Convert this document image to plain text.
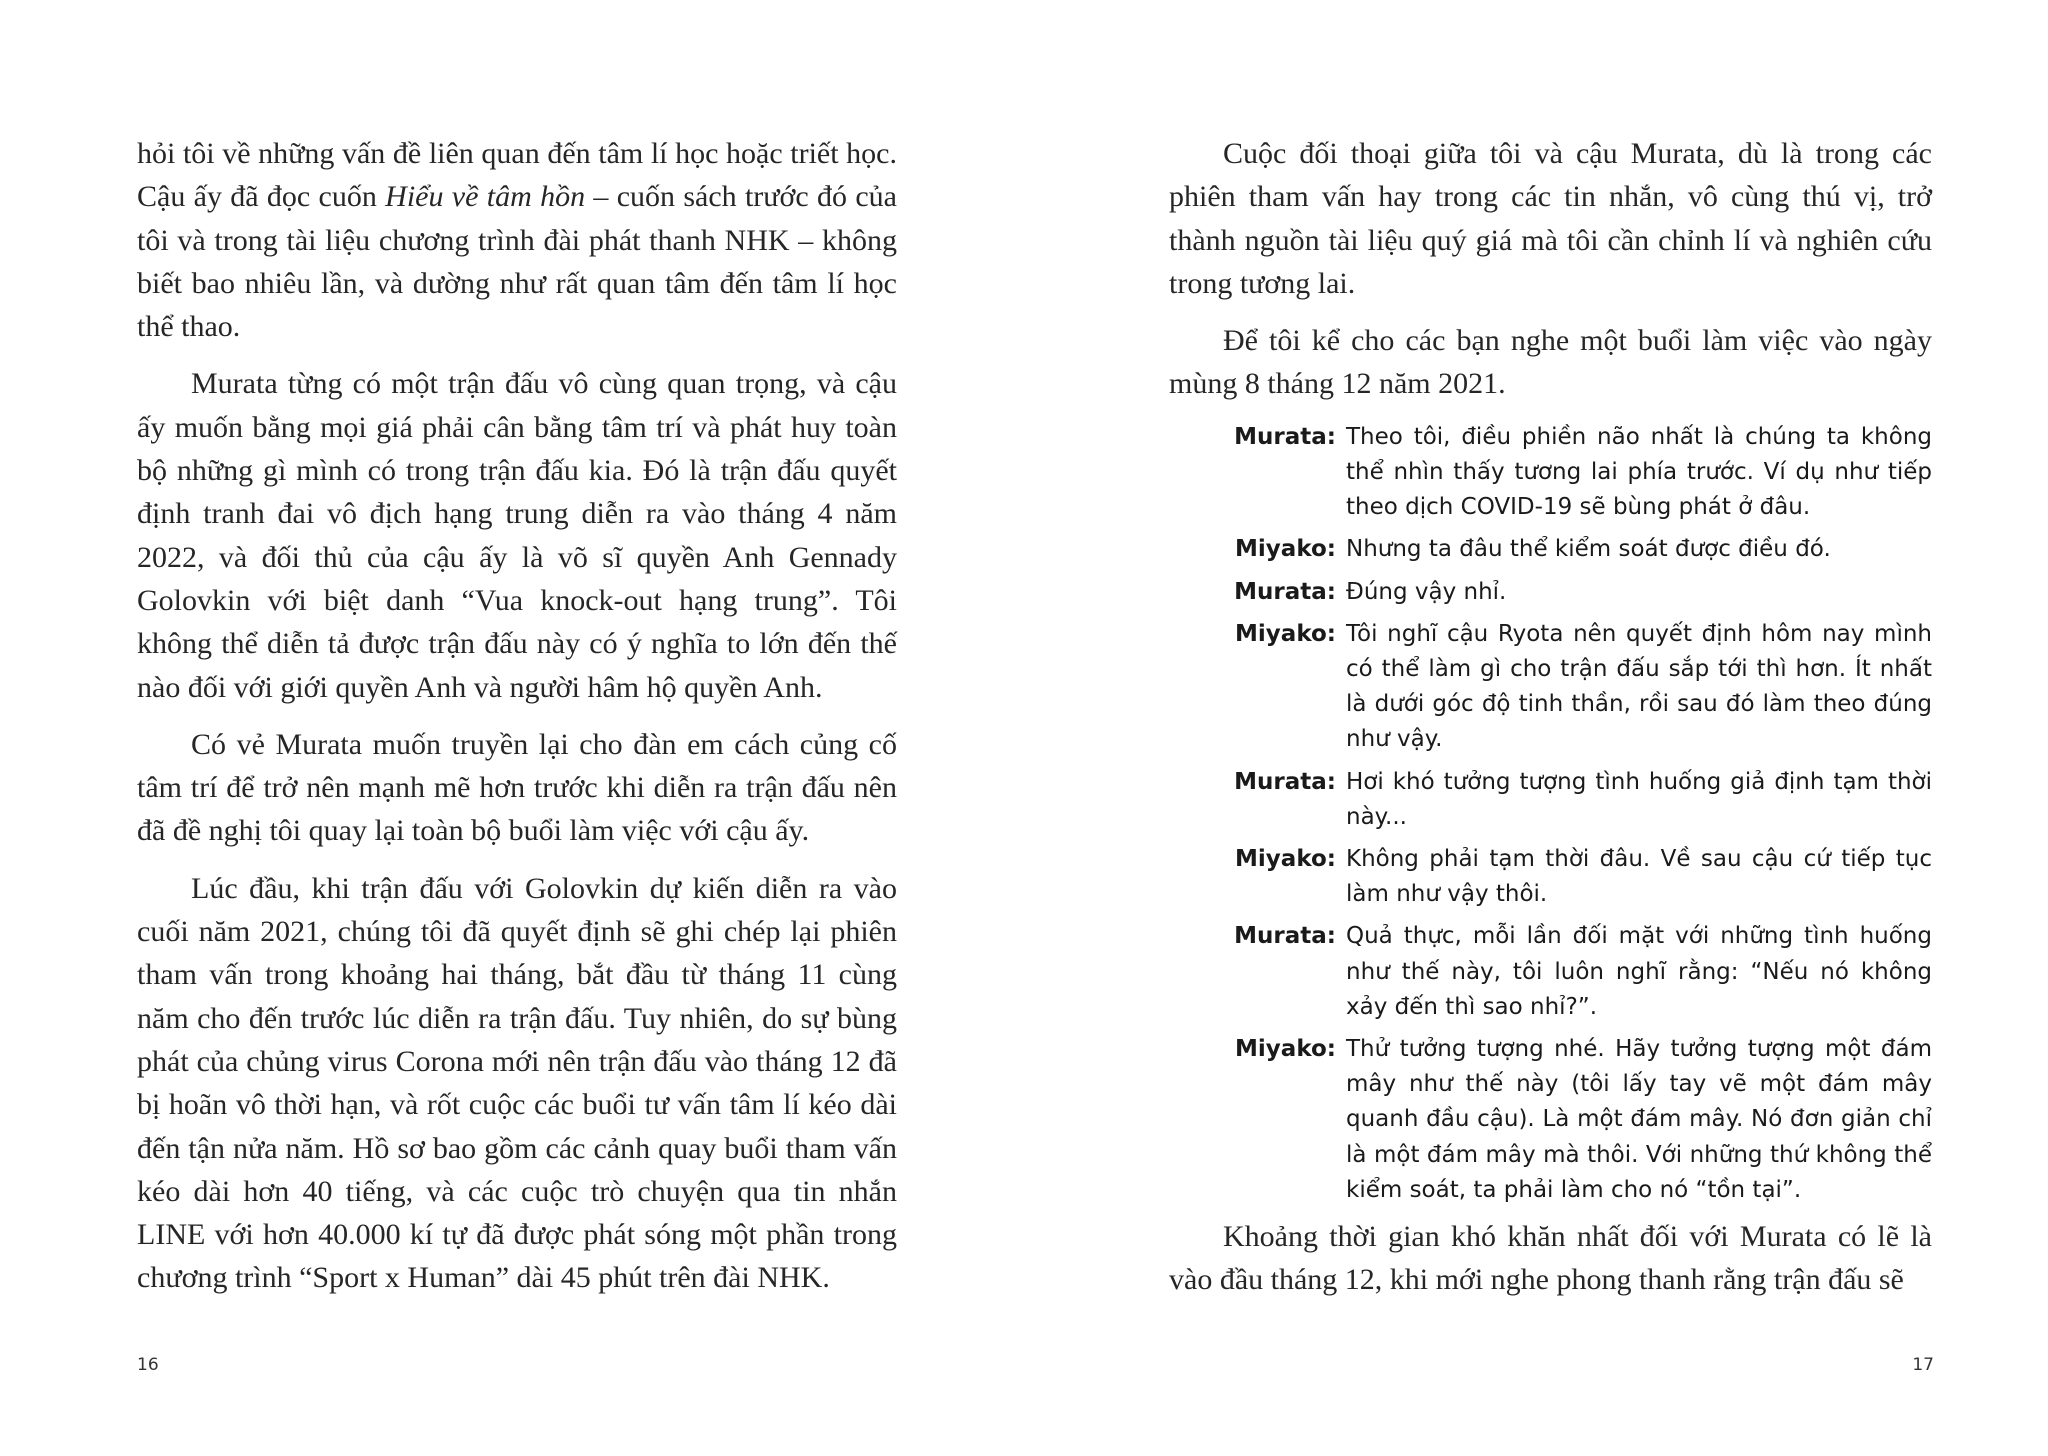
hỏi tôi về những vấn đề liên quan đến tâm lí học hoặc triết học. Cậu ấy đã đọc cuốn Hiểu về tâm hồn – cuốn sách trước đó của tôi và trong tài liệu chương trình đài phát thanh NHK – không biết bao nhiêu lần, và dường như rất quan tâm đến tâm lí học thể thao.

Murata từng có một trận đấu vô cùng quan trọng, và cậu ấy muốn bằng mọi giá phải cân bằng tâm trí và phát huy toàn bộ những gì mình có trong trận đấu kia. Đó là trận đấu quyết định tranh đai vô địch hạng trung diễn ra vào tháng 4 năm 2022, và đối thủ của cậu ấy là võ sĩ quyền Anh Gennady Golovkin với biệt danh “Vua knock-out hạng trung”. Tôi không thể diễn tả được trận đấu này có ý nghĩa to lớn đến thế nào đối với giới quyền Anh và người hâm hộ quyền Anh.

Có vẻ Murata muốn truyền lại cho đàn em cách củng cố tâm trí để trở nên mạnh mẽ hơn trước khi diễn ra trận đấu nên đã đề nghị tôi quay lại toàn bộ buổi làm việc với cậu ấy.

Lúc đầu, khi trận đấu với Golovkin dự kiến diễn ra vào cuối năm 2021, chúng tôi đã quyết định sẽ ghi chép lại phiên tham vấn trong khoảng hai tháng, bắt đầu từ tháng 11 cùng năm cho đến trước lúc diễn ra trận đấu. Tuy nhiên, do sự bùng phát của chủng virus Corona mới nên trận đấu vào tháng 12 đã bị hoãn vô thời hạn, và rốt cuộc các buổi tư vấn tâm lí kéo dài đến tận nửa năm. Hồ sơ bao gồm các cảnh quay buổi tham vấn kéo dài hơn 40 tiếng, và các cuộc trò chuyện qua tin nhắn LINE với hơn 40.000 kí tự đã được phát sóng một phần trong chương trình “Sport x Human” dài 45 phút trên đài NHK.

16

Cuộc đối thoại giữa tôi và cậu Murata, dù là trong các phiên tham vấn hay trong các tin nhắn, vô cùng thú vị, trở thành nguồn tài liệu quý giá mà tôi cần chỉnh lí và nghiên cứu trong tương lai.

Để tôi kể cho các bạn nghe một buổi làm việc vào ngày mùng 8 tháng 12 năm 2021.

Murata: Theo tôi, điều phiền não nhất là chúng ta không thể nhìn thấy tương lai phía trước. Ví dụ như tiếp theo dịch COVID-19 sẽ bùng phát ở đâu.
Miyako: Nhưng ta đâu thể kiểm soát được điều đó.
Murata: Đúng vậy nhỉ.
Miyako: Tôi nghĩ cậu Ryota nên quyết định hôm nay mình có thể làm gì cho trận đấu sắp tới thì hơn. Ít nhất là dưới góc độ tinh thần, rồi sau đó làm theo đúng như vậy.
Murata: Hơi khó tưởng tượng tình huống giả định tạm thời này...
Miyako: Không phải tạm thời đâu. Về sau cậu cứ tiếp tục làm như vậy thôi.
Murata: Quả thực, mỗi lần đối mặt với những tình huống như thế này, tôi luôn nghĩ rằng: “Nếu nó không xảy đến thì sao nhỉ?”.
Miyako: Thử tưởng tượng nhé. Hãy tưởng tượng một đám mây như thế này (tôi lấy tay vẽ một đám mây quanh đầu cậu). Là một đám mây. Nó đơn giản chỉ là một đám mây mà thôi. Với những thứ không thể kiểm soát, ta phải làm cho nó “tồn tại”.

Khoảng thời gian khó khăn nhất đối với Murata có lẽ là vào đầu tháng 12, khi mới nghe phong thanh rằng trận đấu sẽ

17
